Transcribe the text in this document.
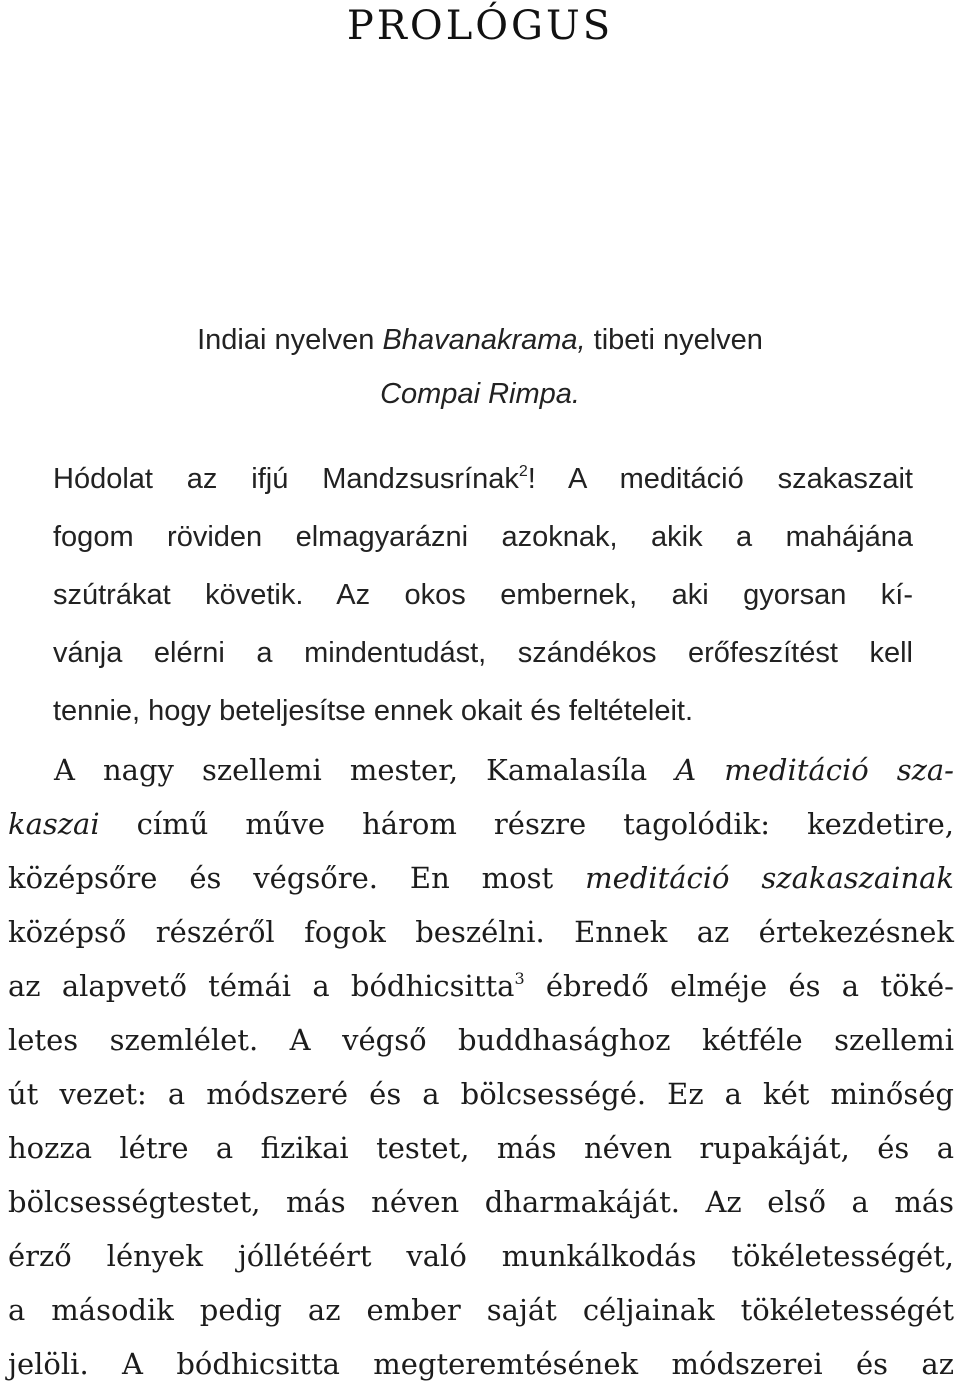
PROLÓGUS
Indiai nyelven Bhavanakrama, tibeti nyelven
Compai Rimpa.
Hódolat az ifjú Mandzsusrínak$^2$! A meditáció szakaszait
fogom röviden elmagyarázni azoknak, akik a mahájána
szútrákat követik. Az okos embernek, aki gyorsan kí-
vánja elérni a mindentudást, szándékos erőfeszítést kell
tennie, hogy beteljesítse ennek okait és feltételeit.
A nagy szellemi mester, Kamalasíla A meditáció sza-
kaszai című műve három részre tagolódik: kezdetire,
középsőre és végsőre. En most meditáció szakaszainak
középső részéről fogok beszélni. Ennek az értekezésnek
az alapvető témái a bódhicsitta$^3$ ébredő elméje és a töké-
letes szemlélet. A végső buddhasághoz kétféle szellemi
út vezet: a módszeré és a bölcsességé. Ez a két minőség
hozza létre a fizikai testet, más néven rupakáját, és a
bölcsességtestet, más néven dharmakáját. Az első a más
érző lények jóllétéért való munkálkodás tökéletességét,
a második pedig az ember saját céljainak tökéletességét
jelöli. A bódhicsitta megteremtésének módszerei és az
